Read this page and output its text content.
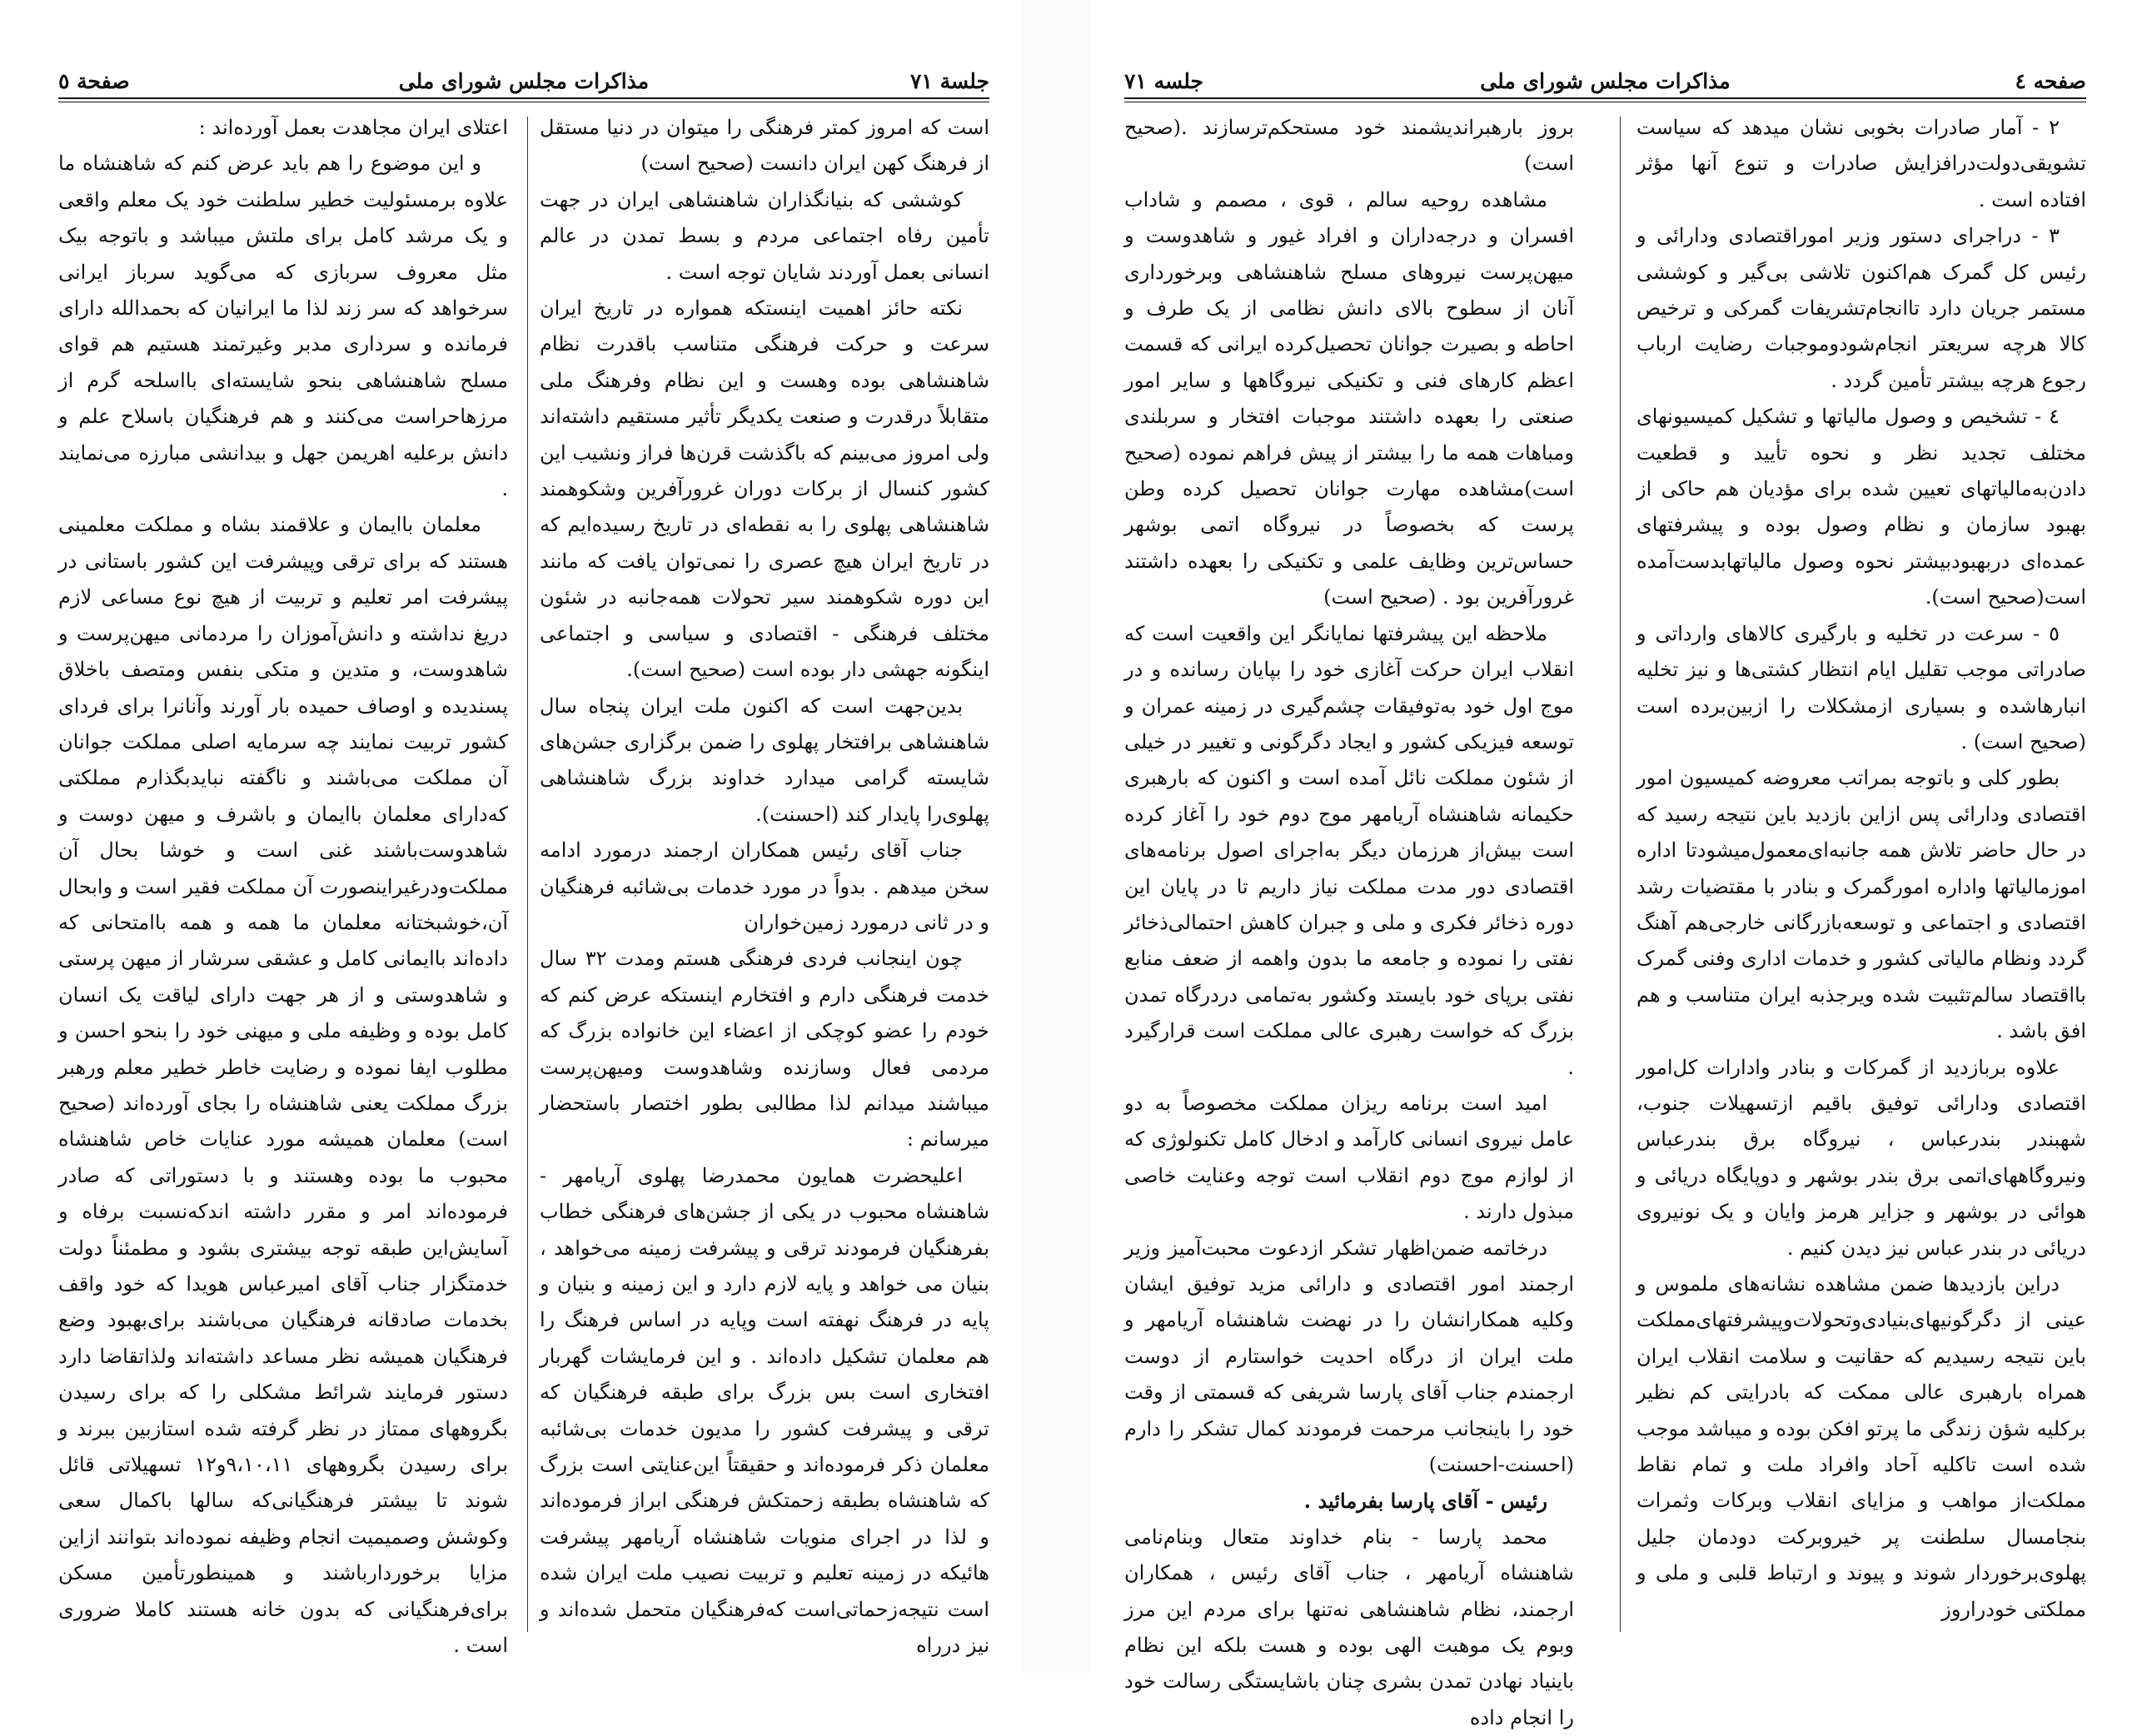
جلسة ٧١
مذاکرات مجلس شورای ملی
صفحة ٥

است که امروز کمتر فرهنگی را میتوان در دنیا مستقل از فرهنگ کهن ایران دانست (صحیح است)

کوششی که بنیانگذاران شاهنشاهی ایران در جهت تأمین رفاه اجتماعی مردم و بسط تمدن در عالم انسانی بعمل آوردند شایان توجه است .

نکته حائز اهمیت اینستکه همواره در تاریخ ایران سرعت و حرکت فرهنگی متناسب باقدرت نظام شاهنشاهی بوده وهست و این نظام وفرهنگ ملی متقابلاً درقدرت و صنعت یکدیگر تأثیر مستقیم داشته‌اند ولی امروز می‌بینم که باگذشت قرن‌ها فراز ونشیب این کشور کنسال از برکات دوران غرورآفرین وشکوهمند شاهنشاهی پهلوی را به نقطه‌ای در تاریخ رسیده‌ایم که در تاریخ ایران هیچ عصری را نمی‌توان یافت که مانند این دوره شکوهمند سیر تحولات همه‌جانبه در شئون مختلف فرهنگی - اقتصادی و سیاسی و اجتماعی اینگونه جهشی دار بوده است (صحیح است).

بدین‌جهت است که اکنون ملت ایران پنجاه سال شاهنشاهی برافتخار پهلوی را ضمن برگزاری جشن‌های شایسته گرامی میدارد خداوند بزرگ شاهنشاهی پهلوی‌را پایدار کند (احسنت).

جناب آقای رئیس همکاران ارجمند درمورد ادامه سخن میدهم . بدواً در مورد خدمات بی‌شائبه فرهنگیان و در ثانی درمورد زمین‌خواران

چون اینجانب فردی فرهنگی هستم ومدت ۳۲ سال خدمت فرهنگی دارم و افتخارم اینستکه عرض کنم که خودم را عضو کوچکی از اعضاء این خانواده بزرگ که مردمی فعال وسازنده وشاهدوست ومیهن‌پرست میباشند میدانم لذا مطالبی بطور اختصار باستحضار میرسانم :

اعلیحضرت همایون محمدرضا پهلوی آریامهر - شاهنشاه محبوب در یکی از جشن‌های فرهنگی خطاب بفرهنگیان فرمودند ترقی و پیشرفت زمینه می‌خواهد ، بنیان می خواهد و پایه لازم دارد و این زمینه و بنیان و پایه در فرهنگ نهفته است وپایه در اساس فرهنگ را هم معلمان تشکیل داده‌اند . و این فرمایشات گهربار افتخاری است بس بزرگ برای طبقه فرهنگیان که ترقی و پیشرفت کشور را مدیون خدمات بی‌شائبه معلمان ذکر فرموده‌اند و حقیقتاً این‌عنایتی است بزرگ که شاهنشاه بطبقه زحمتکش فرهنگی ابراز فرموده‌اند و لذا در اجرای منویات شاهنشاه آریامهر پیشرفت هائیکه در زمینه تعلیم و تربیت نصیب ملت ایران شده است نتیجه‌زحماتی‌است که‌فرهنگیان متحمل شده‌اند و نیز درراه

اعتلای ایران مجاهدت بعمل آورده‌اند :

و این موضوع را هم باید عرض کنم که شاهنشاه ما علاوه برمسئولیت خطیر سلطنت خود یک معلم واقعی و یک مرشد کامل برای ملتش میباشد و باتوجه بیک مثل معروف سربازی که می‌گوید سرباز ایرانی سرخواهد که سر زند لذا ما ایرانیان که بحمدالله دارای فرمانده و سرداری مدبر وغیرتمند هستیم هم قوای مسلح شاهنشاهی بنحو شایسته‌ای بااسلحه گرم از مرزهاحراست می‌کنند و هم فرهنگیان باسلاح علم و دانش برعلیه اهریمن جهل و بیدانشی مبارزه می‌نمایند .

معلمان باایمان و علاقمند بشاه و مملکت معلمینی هستند که برای ترقی وپیشرفت این کشور باستانی در پیشرفت امر تعلیم و تربیت از هیچ نوع مساعی لازم دریغ نداشته و دانش‌آموزان را مردمانی میهن‌پرست و شاهدوست، و متدین و متکی بنفس ومتصف باخلاق پسندیده و اوصاف حمیده بار آورند وآنانرا برای فردای کشور تربیت نمایند چه سرمایه اصلی مملکت جوانان آن مملکت می‌باشند و ناگفته نبایدبگذارم مملکتی که‌دارای معلمان باایمان و باشرف و میهن دوست و شاهدوست‌باشند غنی است و خوشا بحال آن مملکت‌ودرغیراینصورت آن مملکت فقیر است و وابحال آن،خوشبختانه معلمان ما همه و همه باامتحانی که داده‌اند باایمانی کامل و عشقی سرشار از میهن پرستی و شاهدوستی و از هر جهت دارای لیاقت یک انسان کامل بوده و وظیفه ملی و میهنی خود را بنحو احسن و مطلوب ایفا نموده و رضایت خاطر خطیر معلم ورهبر بزرگ مملکت یعنی شاهنشاه را بجای آورده‌اند (صحیح است) معلمان همیشه مورد عنایات خاص شاهنشاه محبوب ما بوده وهستند و با دستوراتی که صادر فرموده‌اند امر و مقرر داشته اندکه‌نسبت برفاه و آسایش‌این طبقه توجه بیشتری بشود و مطمئناً دولت خدمتگزار جناب آقای امیرعباس هویدا که خود واقف بخدمات صادقانه فرهنگیان می‌باشند برای‌بهبود وضع فرهنگیان همیشه نظر مساعد داشته‌اند ولذاتقاضا دارد دستور فرمایند شرائط مشکلی را که برای رسیدن بگروههای ممتاز در نظر گرفته شده استازبین ببرند و برای رسیدن بگروههای ۹،۱۰،۱۱و۱۲ تسهیلاتی قائل شوند تا بیشتر فرهنگیانی‌که سالها باکمال سعی وکوشش وصمیمیت انجام وظیفه نموده‌اند بتوانند ازاین مزایا برخوردارباشند و همینطورتأمین مسکن برای‌فرهنگیانی که بدون خانه هستند کاملا ضروری است .

صفحه ٤
مذاکرات مجلس شورای ملی
جلسه ٧١

٢ - آمار صادرات بخوبی نشان میدهد که سیاست تشویقی‌دولت‌درافزایش صادرات و تنوع آنها مؤثر افتاده است .

٣ - دراجرای دستور وزیر اموراقتصادی ودارائی و رئیس کل گمرک هم‌اکنون تلاشی بی‌گیر و کوششی مستمر جریان دارد تاانجام‌تشریفات گمرکی و ترخیص کالا هرچه سریعتر انجام‌شودوموجبات رضایت ارباب رجوع هرچه بیشتر تأمین گردد .

٤ - تشخیص و وصول مالیاتها و تشکیل کمیسیونهای مختلف تجدید نظر و نحوه تأیید و قطعیت دادن‌به‌مالیاتهای تعیین شده برای مؤدیان هم حاکی از بهبود سازمان و نظام وصول بوده و پیشرفتهای عمده‌ای دربهبودبیشتر نحوه وصول مالیاتهابدست‌آمده است(صحیح است).

٥ - سرعت در تخلیه و بارگیری کالاهای وارداتی و صادراتی موجب تقلیل ایام انتظار کشتی‌ها و نیز تخلیه انبارهاشده و بسیاری ازمشکلات را ازبین‌برده است (صحیح است) .

بطور کلی و باتوجه بمراتب معروضه کمیسیون امور اقتصادی ودارائی پس ازاین بازدید باین نتیجه رسید که در حال حاضر تلاش همه جانبه‌ای‌معمول‌میشودتا اداره اموزمالیاتها واداره امورگمرک و بنادر با مقتضیات رشد اقتصادی و اجتماعی و توسعه‌بازرگانی خارجی‌هم آهنگ گردد ونظام مالیاتی کشور و خدمات اداری وفنی گمرک بااقتصاد سالم‌تثبیت شده ویرجذبه ایران متناسب و هم افق باشد .

علاوه بربازدید از گمرکات و بنادر وادارات کل‌امور اقتصادی ودارائی توفیق باقیم ازتسهیلات جنوب، شهبندر بندرعباس ، نیروگاه برق بندرعباس ونیروگاههای‌اتمی برق بندر بوشهر و دوپایگاه دریائی و هوائی در بوشهر و جزایر هرمز وایان و یک نونیروی دریائی در بندر عباس نیز دیدن کنیم .

دراین بازدیدها ضمن مشاهده نشانه‌های ملموس و عینی از دگرگونیهای‌بنیادی‌وتحولات‌وپیشرفتهای‌مملکت باین نتیجه رسیدیم که حقانیت و سلامت انقلاب ایران همراه بارهبری عالی ممکت که بادرایتی کم نظیر برکلیه شؤن زندگی ما پرتو افکن بوده و میباشد موجب شده است تاکلیه آحاد وافراد ملت و تمام نقاط مملکت‌از مواهب و مزایای انقلاب وبرکات وثمرات بنجامسال سلطنت پر خیروبرکت دودمان جلیل پهلوی‌برخوردار شوند و پیوند و ارتباط قلبی و ملی و مملکتی خودراروز

بروز بارهبراندیشمند خود مستحکم‌ترسازند .(صحیح است)

مشاهده روحیه سالم ، قوی ، مصمم و شاداب افسران و درجه‌داران و افراد غیور و شاهدوست و میهن‌پرست نیروهای مسلح شاهنشاهی وبرخورداری آنان از سطوح بالای دانش نظامی از یک طرف و احاطه و بصیرت جوانان تحصیل‌کرده ایرانی که قسمت اعظم کارهای فنی و تکنیکی نیروگاهها و سایر امور صنعتی را بعهده داشتند موجبات افتخار و سربلندی ومباهات همه ما را بیشتر از پیش فراهم نموده (صحیح است)مشاهده مهارت جوانان تحصیل کرده وطن پرست که بخصوصاً در نیروگاه اتمی بوشهر حساس‌ترین وظایف علمی و تکنیکی را بعهده داشتند غرورآفرین بود . (صحیح است)

ملاحظه این پیشرفتها نمایانگر این واقعیت است که انقلاب ایران حرکت آغازی خود را بپایان رسانده و در موج اول خود به‌توفیقات چشم‌گیری در زمینه عمران و توسعه فیزیکی کشور و ایجاد دگرگونی و تغییر در خیلی از شئون مملکت نائل آمده است و اکنون که بارهبری حکیمانه شاهنشاه آریامهر موج دوم خود را آغاز کرده است بیش‌از هرزمان دیگر به‌اجرای اصول برنامه‌های اقتصادی دور مدت مملکت نیاز داریم تا در پایان این دوره ذخائر فکری و ملی و جبران کاهش احتمالی‌ذخائر نفتی را نموده و جامعه ما بدون واهمه از ضعف منابع نفتی برپای خود بایستد وکشور به‌تمامی دردرگاه تمدن بزرگ که خواست رهبری عالی مملکت است قرارگیرد .

امید است برنامه ریزان مملکت مخصوصاً به دو عامل نیروی انسانی کارآمد و ادخال کامل تکنولوژی که از لوازم موج دوم انقلاب است توجه وعنایت خاصی مبذول دارند .

درخاتمه ضمن‌اظهار تشکر ازدعوت محبت‌آمیز وزیر ارجمند امور اقتصادی و دارائی مزید توفیق ایشان وکلیه همکارانشان را در نهضت شاهنشاه آریامهر و ملت ایران از درگاه احدیت خواستارم از دوست ارجمندم جناب آقای پارسا شریفی که قسمتی از وقت خود را باینجانب مرحمت فرمودند کمال تشکر را دارم (احسنت-احسنت)

رئیس - آقای پارسا بفرمائید .

محمد پارسا - بنام خداوند متعال وبنام‌نامی شاهنشاه آریامهر ، جناب آقای رئیس ، همکاران ارجمند، نظام شاهنشاهی نه‌تنها برای مردم این مرز وبوم یک موهبت الهی بوده و هست بلکه این نظام باینیاد نهادن تمدن بشری چنان باشایستگی رسالت خود را انجام داده
